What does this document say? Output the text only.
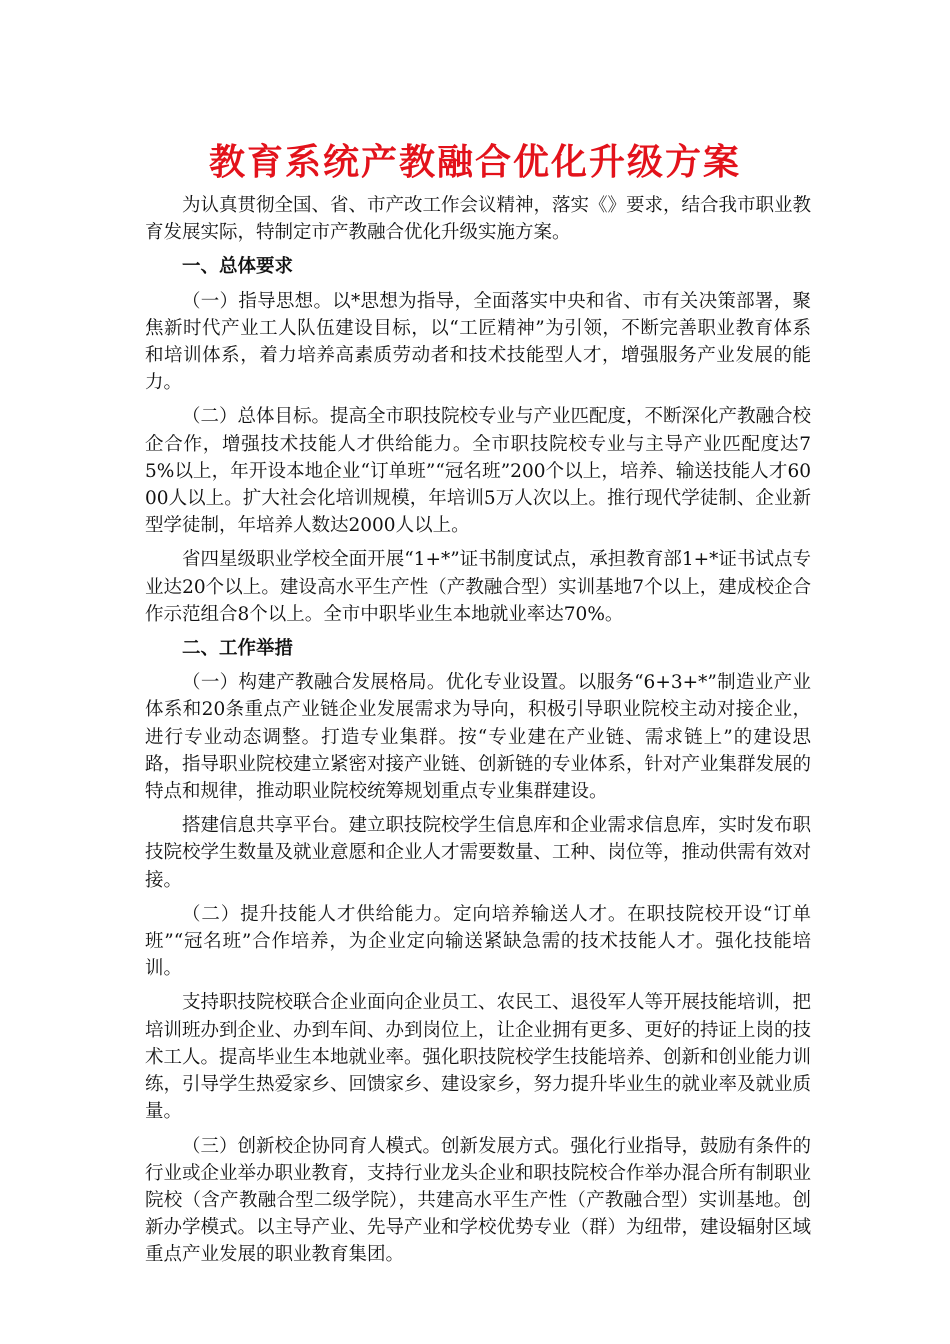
教育系统产教融合优化升级方案

为认真贯彻全国、省、市产改工作会议精神，落实《》要求，结合我市职业教育发展实际，特制定市产教融合优化升级实施方案。

一、总体要求

（一）指导思想。以*思想为指导，全面落实中央和省、市有关决策部署，聚焦新时代产业工人队伍建设目标，以“工匠精神”为引领，不断完善职业教育体系和培训体系，着力培养高素质劳动者和技术技能型人才，增强服务产业发展的能力。

（二）总体目标。提高全市职技院校专业与产业匹配度，不断深化产教融合校企合作，增强技术技能人才供给能力。全市职技院校专业与主导产业匹配度达75%以上，年开设本地企业“订单班”“冠名班”200个以上，培养、输送技能人才6000人以上。扩大社会化培训规模，年培训5万人次以上。推行现代学徒制、企业新型学徒制，年培养人数达2000人以上。

省四星级职业学校全面开展“1+*”证书制度试点，承担教育部1+*证书试点专业达20个以上。建设高水平生产性（产教融合型）实训基地7个以上，建成校企合作示范组合8个以上。全市中职毕业生本地就业率达70%。

二、工作举措

（一）构建产教融合发展格局。优化专业设置。以服务“6+3+*”制造业产业体系和20条重点产业链企业发展需求为导向，积极引导职业院校主动对接企业，进行专业动态调整。打造专业集群。按“专业建在产业链、需求链上”的建设思路，指导职业院校建立紧密对接产业链、创新链的专业体系，针对产业集群发展的特点和规律，推动职业院校统筹规划重点专业集群建设。

搭建信息共享平台。建立职技院校学生信息库和企业需求信息库，实时发布职技院校学生数量及就业意愿和企业人才需要数量、工种、岗位等，推动供需有效对接。

（二）提升技能人才供给能力。定向培养输送人才。在职技院校开设“订单班”“冠名班”合作培养，为企业定向输送紧缺急需的技术技能人才。强化技能培训。

支持职技院校联合企业面向企业员工、农民工、退役军人等开展技能培训，把培训班办到企业、办到车间、办到岗位上，让企业拥有更多、更好的持证上岗的技术工人。提高毕业生本地就业率。强化职技院校学生技能培养、创新和创业能力训练，引导学生热爱家乡、回馈家乡、建设家乡，努力提升毕业生的就业率及就业质量。

（三）创新校企协同育人模式。创新发展方式。强化行业指导，鼓励有条件的行业或企业举办职业教育，支持行业龙头企业和职技院校合作举办混合所有制职业院校（含产教融合型二级学院），共建高水平生产性（产教融合型）实训基地。创新办学模式。以主导产业、先导产业和学校优势专业（群）为纽带，建设辐射区域重点产业发展的职业教育集团。
